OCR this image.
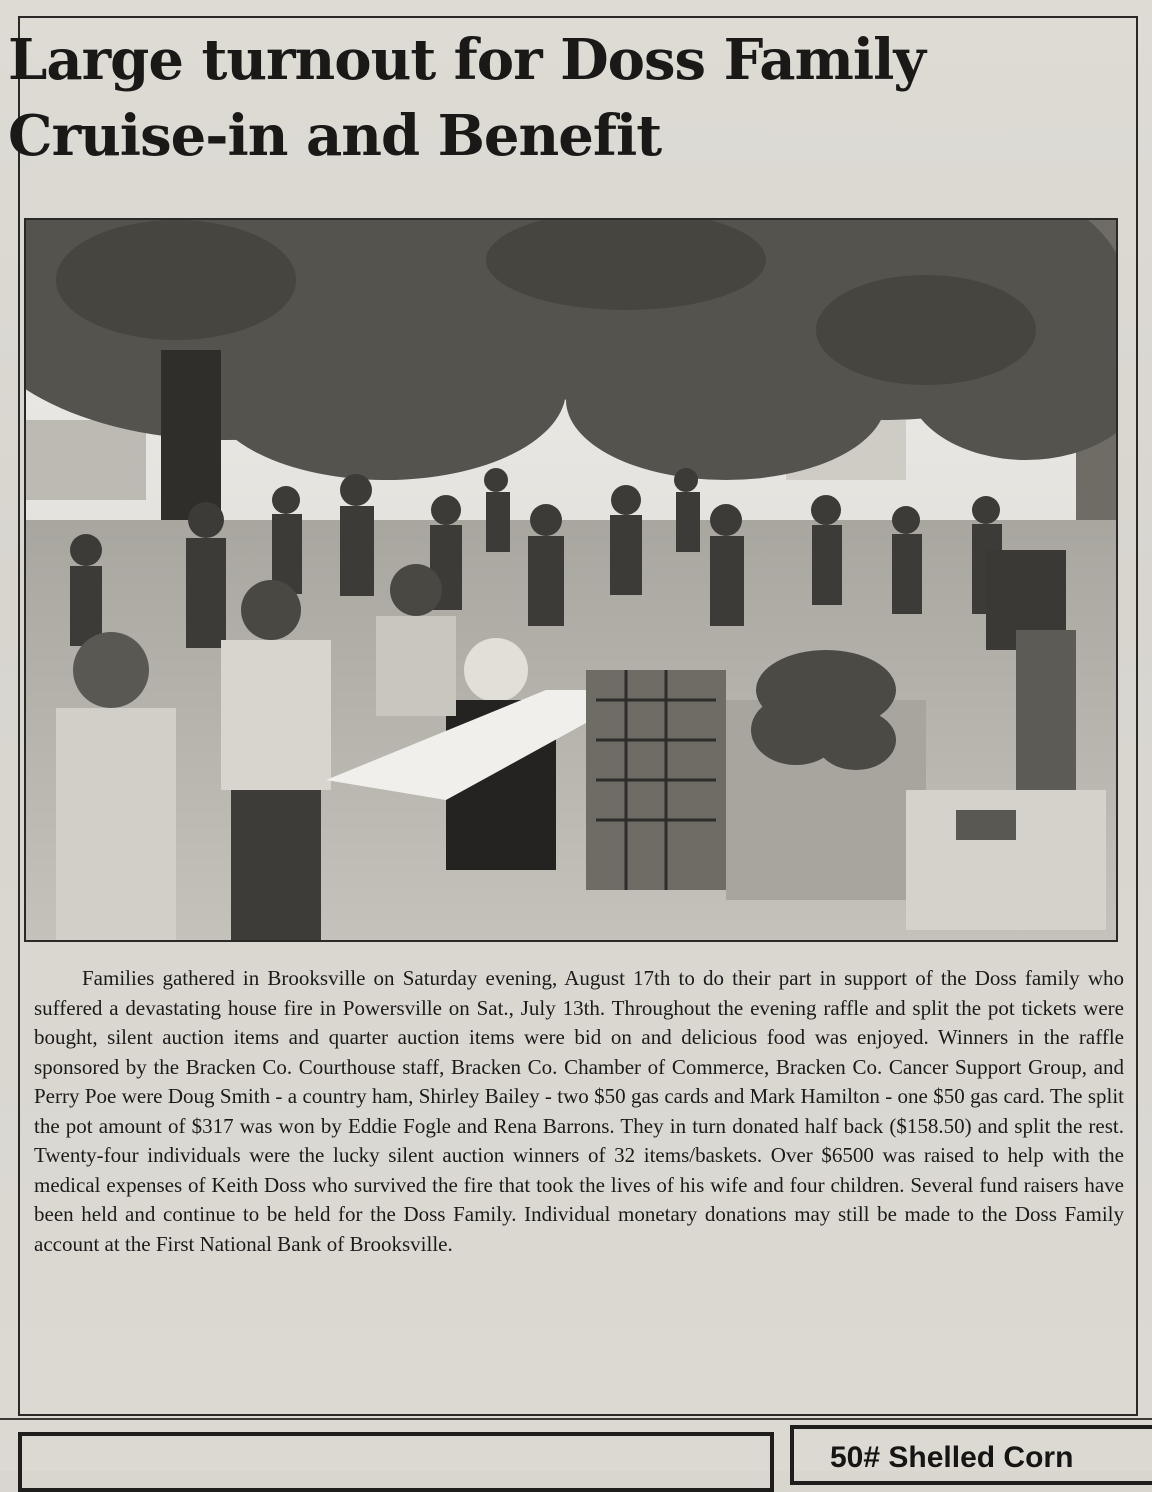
Large turnout for Doss Family
Cruise-in and Benefit

Families gathered in Brooksville on Saturday evening, August 17th to do their part in support of the Doss family who suffered a devastating house fire in Powersville on Sat., July 13th. Throughout the evening raffle and split the pot tickets were bought, silent auction items and quarter auction items were bid on and delicious food was enjoyed. Winners in the raffle sponsored by the Bracken Co. Courthouse staff, Bracken Co. Chamber of Commerce, Bracken Co. Cancer Support Group, and Perry Poe were Doug Smith - a country ham, Shirley Bailey - two $50 gas cards and Mark Hamilton - one $50 gas card. The split the pot amount of $317 was won by Eddie Fogle and Rena Barrons. They in turn donated half back ($158.50) and split the rest. Twenty-four individuals were the lucky silent auction winners of 32 items/baskets. Over $6500 was raised to help with the medical expenses of Keith Doss who survived the fire that took the lives of his wife and four children. Several fund raisers have been held and continue to be held for the Doss Family. Individual monetary donations may still be made to the Doss Family account at the First National Bank of Brooksville.

50# Shelled Corn
